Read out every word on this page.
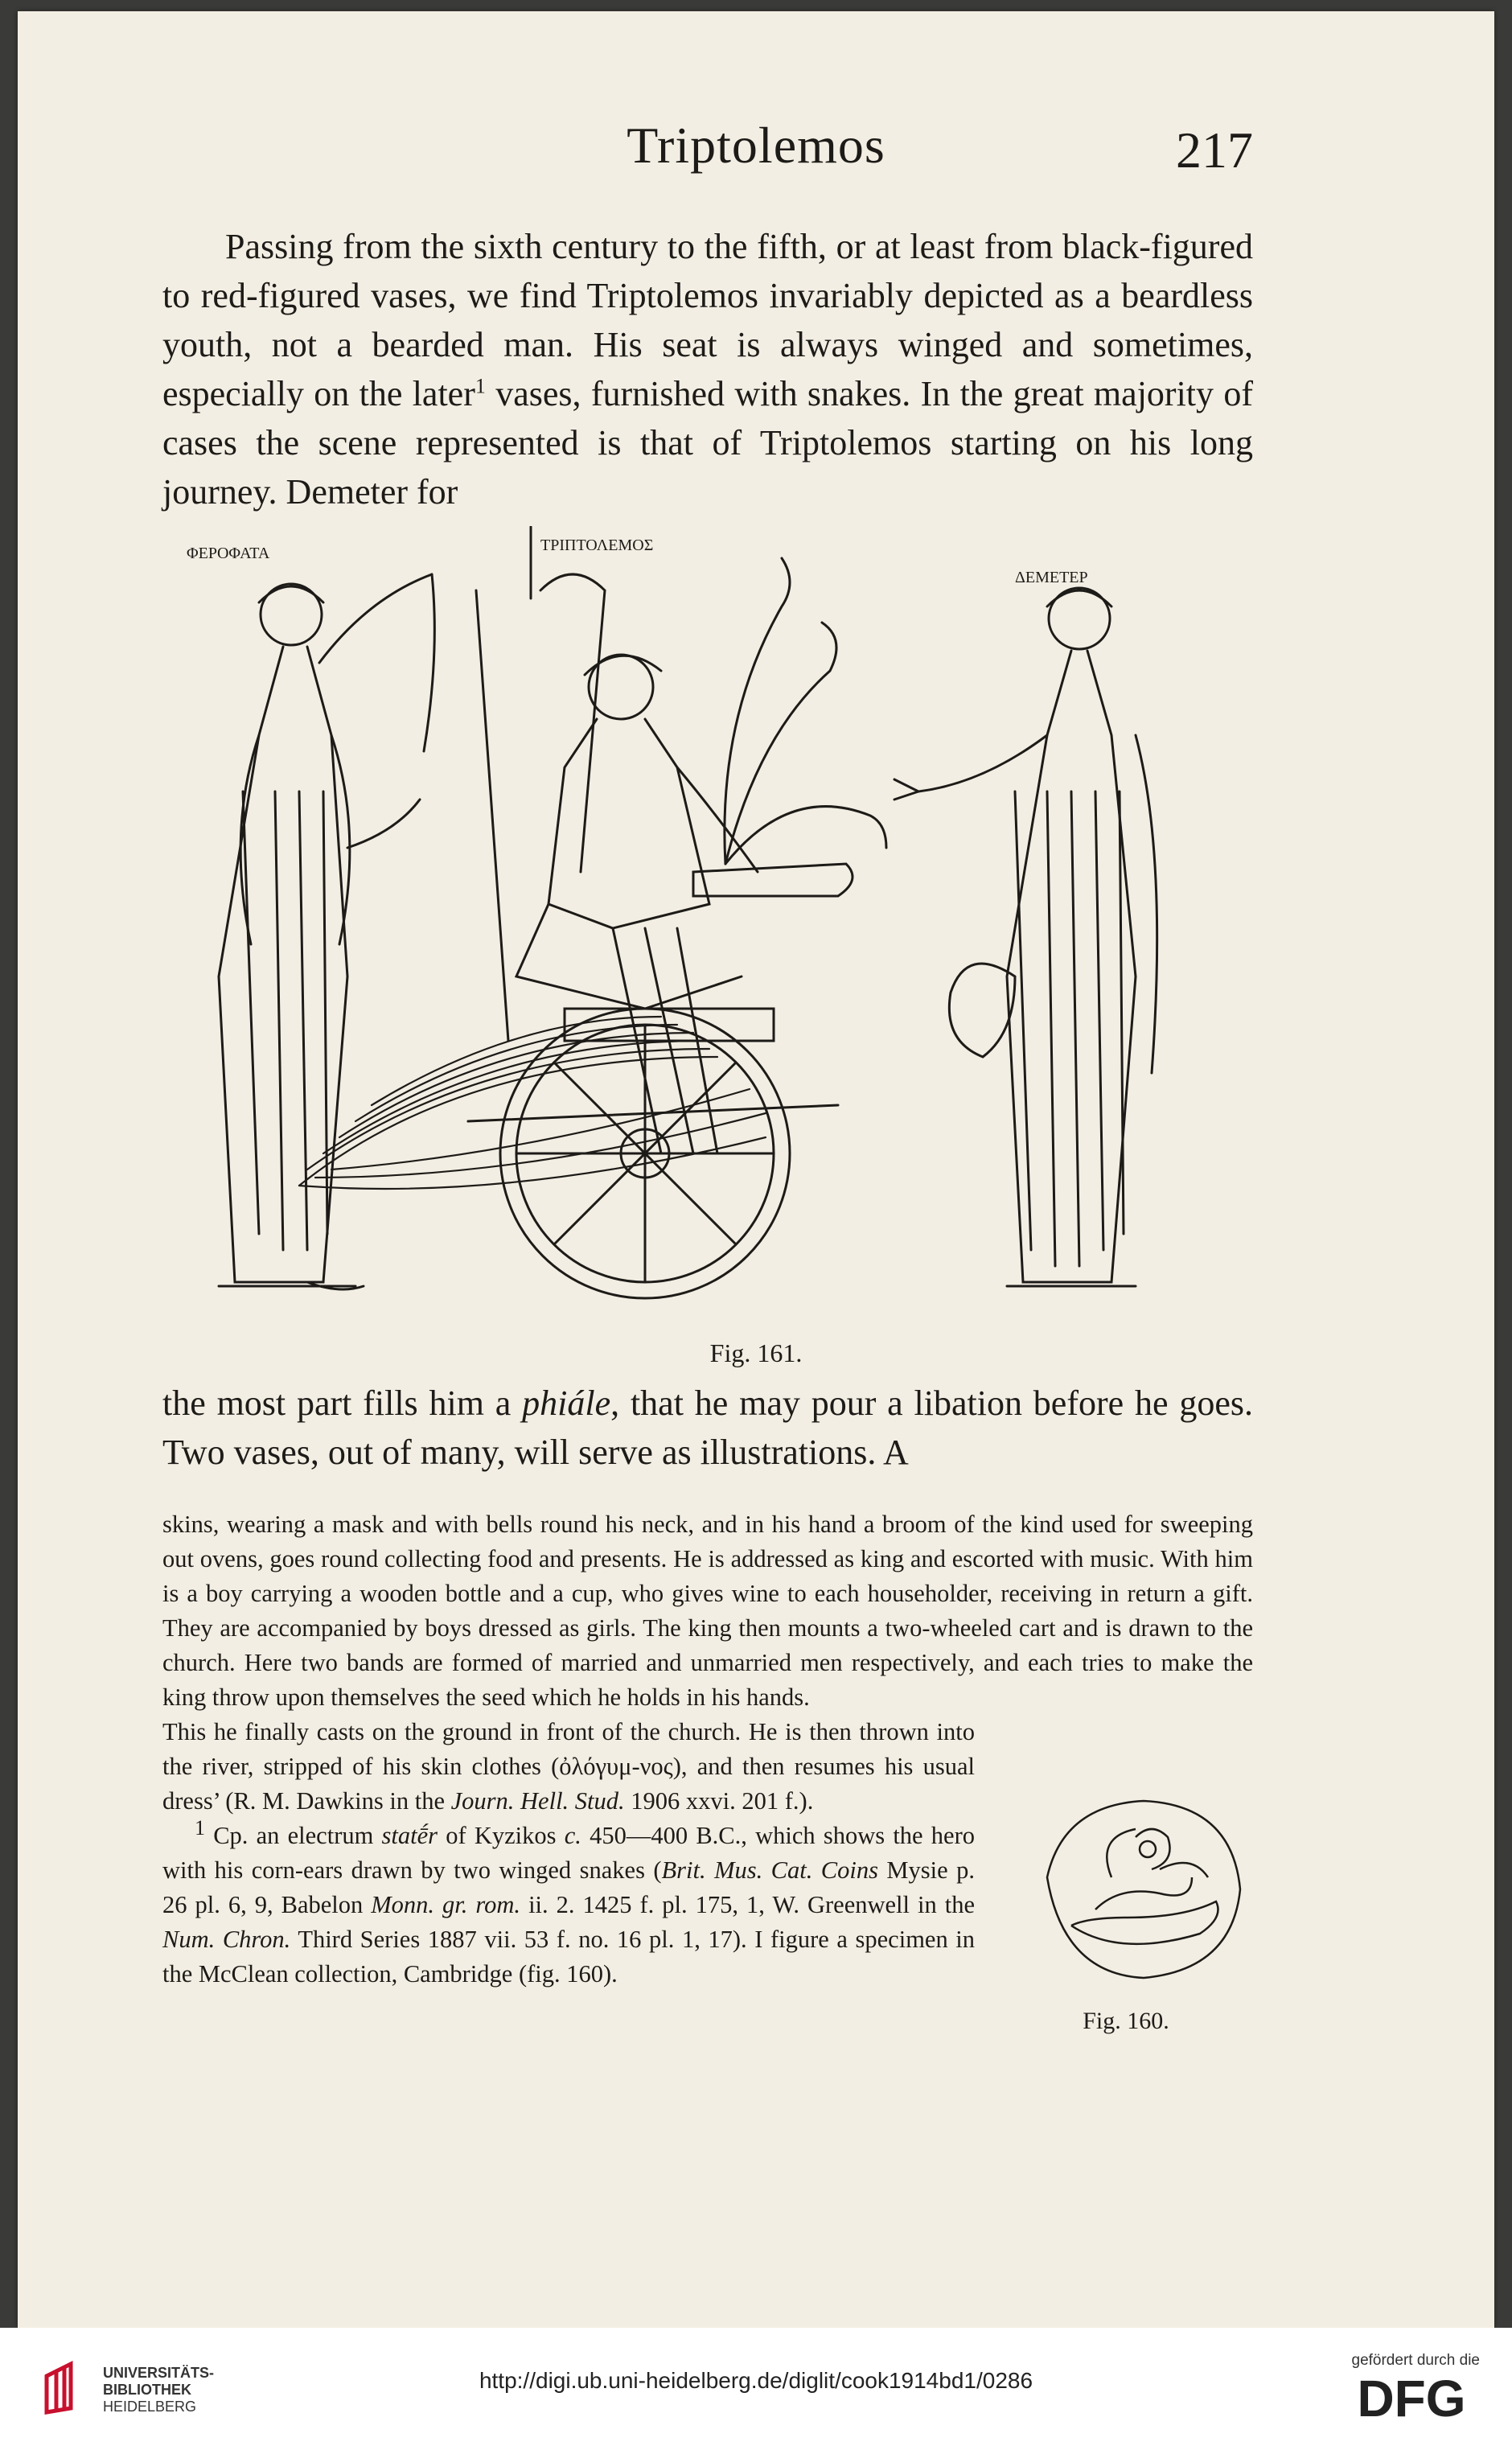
Triptolemos	217

Passing from the sixth century to the fifth, or at least from black-figured to red-figured vases, we find Triptolemos invariably depicted as a beardless youth, not a bearded man. His seat is always winged and sometimes, especially on the later$^1$ vases, furnished with snakes. In the great majority of cases the scene represented is that of Triptolemos starting on his long journey. Demeter for

ΦΕΡΟΦΑΤΑ	ΤΡΙΠΤΟΛΕΜΟΣ
ΔΕΜΕΤΕΡ
Fig. 161.

the most part fills him a phiále, that he may pour a libation before he goes. Two vases, out of many, will serve as illustrations. A

skins, wearing a mask and with bells round his neck, and in his hand a broom of the kind used for sweeping out ovens, goes round collecting food and presents. He is addressed as king and escorted with music. With him is a boy carrying a wooden bottle and a cup, who gives wine to each householder, receiving in return a gift. They are accompanied by boys dressed as girls. The king then mounts a two-wheeled cart and is drawn to the church. Here two bands are formed of married and unmarried men respectively, and each tries to make the king throw upon themselves the seed which he holds in his hands.

This he finally casts on the ground in front of the church. He is then thrown into the river, stripped of his skin clothes (ὀλόγυμ-νος), and then resumes his usual dress’ (R. M. Dawkins in the Journ. Hell. Stud. 1906 xxvi. 201 f.).

$^1$ Cp. an electrum statḗr of Kyzikos c. 450—400 B.C., which shows the hero with his corn-ears drawn by two winged snakes (Brit. Mus. Cat. Coins Mysie p. 26 pl. 6, 9, Babelon Monn. gr. rom. ii. 2. 1425 f. pl. 175, 1, W. Greenwell in the Num. Chron. Third Series 1887 vii. 53 f. no. 16 pl. 1, 17). I figure a specimen in the McClean collection, Cambridge (fig. 160).

Fig. 160.
UNIVERSITÄTS-
BIBLIOTHEK
HEIDELBERG
http://digi.ub.uni-heidelberg.de/diglit/cook1914bd1/0286
gefördert durch die
DFG
